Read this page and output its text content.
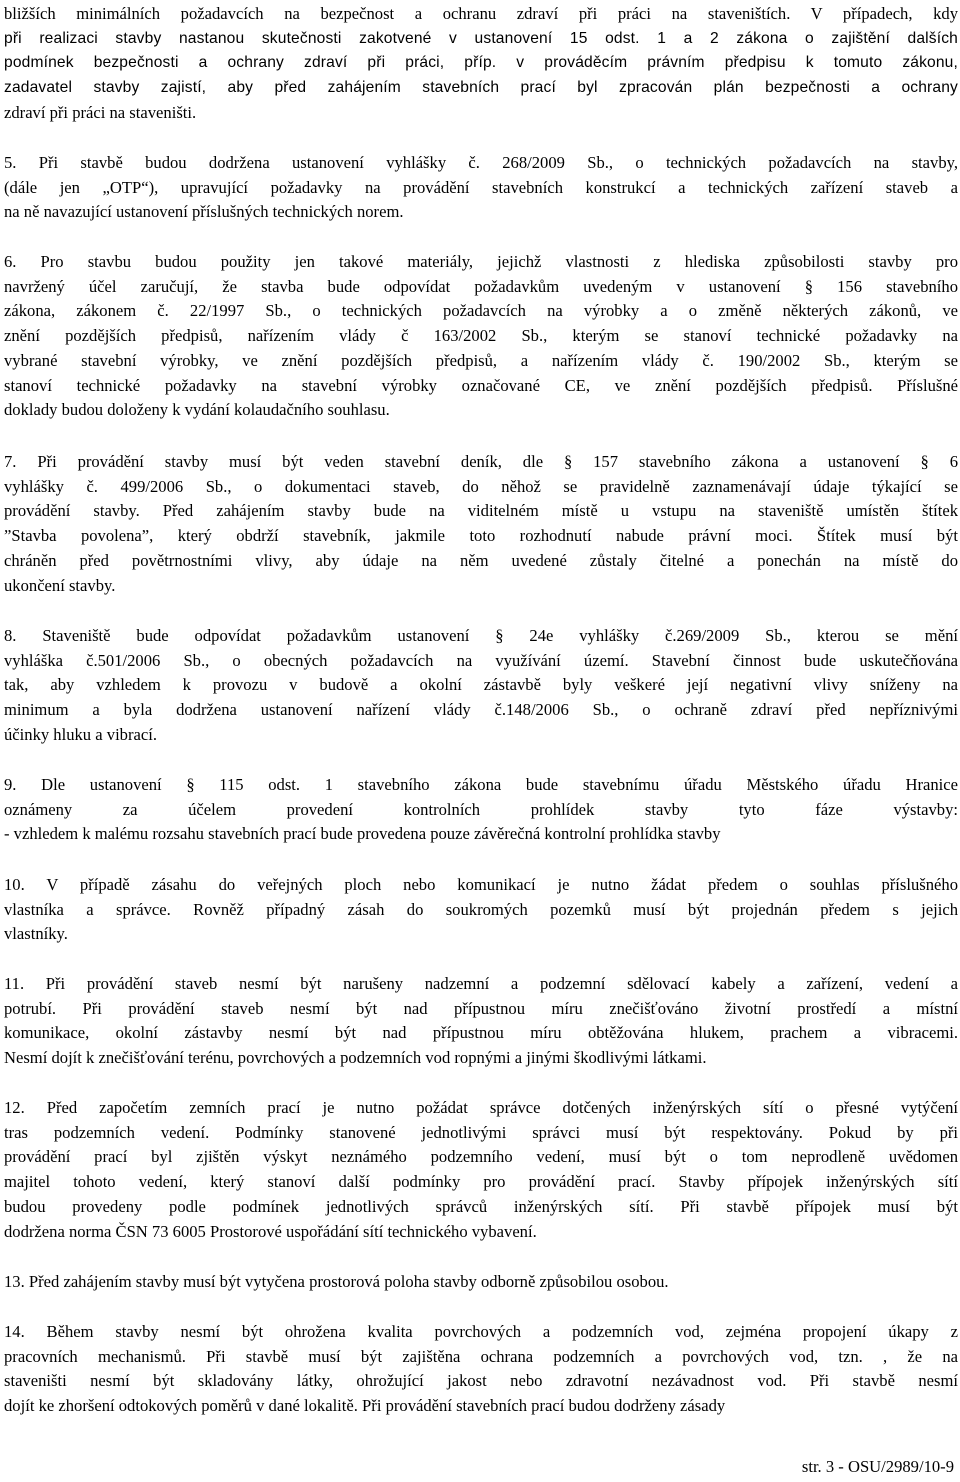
bližších minimálních požadavcích na bezpečnost a ochranu zdraví při práci na staveništích. V případech, kdy
při realizaci stavby nastanou skutečnosti zakotvené v ustanovení 15 odst. 1 a 2 zákona o zajištění dalších
podmínek bezpečnosti a ochrany zdraví při práci, příp. v prováděcím právním předpisu k tomuto zákonu,
zadavatel stavby zajistí, aby před zahájením stavebních prací byl zpracován plán bezpečnosti a ochrany
zdraví při práci na staveništi.
5. Při stavbě budou dodržena ustanovení vyhlášky č. 268/2009 Sb., o technických požadavcích na stavby,
(dále jen „OTP“), upravující požadavky na provádění stavebních konstrukcí a technických zařízení staveb a
na ně navazující ustanovení příslušných technických norem.
6. Pro stavbu budou použity jen takové materiály, jejichž vlastnosti z hlediska způsobilosti stavby pro
navržený účel zaručují, že stavba bude odpovídat požadavkům uvedeným v ustanovení § 156 stavebního
zákona, zákonem č. 22/1997 Sb., o technických požadavcích na výrobky a o změně některých zákonů, ve
znění pozdějších předpisů, nařízením vlády č 163/2002 Sb., kterým se stanoví technické požadavky na
vybrané stavební výrobky, ve znění pozdějších předpisů, a nařízením vlády č. 190/2002 Sb., kterým se
stanoví technické požadavky na stavební výrobky označované CE, ve znění pozdějších předpisů. Příslušné
doklady budou doloženy k vydání kolaudačního souhlasu.
7. Při provádění stavby musí být veden stavební deník, dle § 157 stavebního zákona a ustanovení § 6
vyhlášky č. 499/2006 Sb., o dokumentaci staveb, do něhož se pravidelně zaznamenávají údaje týkající se
provádění stavby. Před zahájením stavby bude na viditelném místě u vstupu na staveniště umístěn štítek
”Stavba povolena”, který obdrží stavebník, jakmile toto rozhodnutí nabude právní moci. Štítek musí být
chráněn před povětrnostními vlivy, aby údaje na něm uvedené zůstaly čitelné a ponechán na místě do
ukončení stavby.
8. Staveniště bude odpovídat požadavkům ustanovení § 24e vyhlášky č.269/2009 Sb., kterou se mění
vyhláška č.501/2006 Sb., o obecných požadavcích na využívání území. Stavební činnost bude uskutečňována
tak, aby vzhledem k provozu v budově a okolní zástavbě byly veškeré její negativní vlivy sníženy na
minimum a byla dodržena ustanovení nařízení vlády č.148/2006 Sb., o ochraně zdraví před nepříznivými
účinky hluku a vibrací.
9. Dle ustanovení § 115 odst. 1 stavebního zákona bude stavebnímu úřadu Městského úřadu Hranice
oznámeny za účelem provedení kontrolních prohlídek stavby tyto fáze výstavby:
- vzhledem k malému rozsahu stavebních prací bude provedena pouze závěrečná kontrolní prohlídka stavby
10. V případě zásahu do veřejných ploch nebo komunikací je nutno žádat předem o souhlas příslušného
vlastníka a správce. Rovněž případný zásah do soukromých pozemků musí být projednán předem s jejich
vlastníky.
11. Při provádění staveb nesmí být narušeny nadzemní a podzemní sdělovací kabely a zařízení, vedení a
potrubí. Při provádění staveb nesmí být nad přípustnou míru znečišťováno životní prostředí a místní
komunikace, okolní zástavby nesmí být nad přípustnou míru obtěžována hlukem, prachem a vibracemi.
Nesmí dojít k znečišťování terénu, povrchových a podzemních vod ropnými a jinými škodlivými látkami.
12. Před započetím zemních prací je nutno požádat správce dotčených inženýrských sítí o přesné vytýčení
tras podzemních vedení. Podmínky stanovené jednotlivými správci musí být respektovány. Pokud by při
provádění prací byl zjištěn výskyt neznámého podzemního vedení, musí být o tom neprodleně uvědomen
majitel tohoto vedení, který stanoví další podmínky pro provádění prací. Stavby přípojek inženýrských sítí
budou provedeny podle podmínek jednotlivých správců inženýrských sítí. Při stavbě přípojek musí být
dodržena norma ČSN 73 6005 Prostorové uspořádání sítí technického vybavení.
13. Před zahájením stavby musí být vytyčena prostorová poloha stavby odborně způsobilou osobou.
14. Během stavby nesmí být ohrožena kvalita povrchových a podzemních vod, zejména propojení úkapy z
pracovních mechanismů. Při stavbě musí být zajištěna ochrana podzemních a povrchových vod, tzn. , že na
staveništi nesmí být skladovány látky, ohrožující jakost nebo zdravotní nezávadnost vod. Při stavbě nesmí
dojít ke zhoršení odtokových poměrů v dané lokalitě. Při provádění stavebních prací budou dodrženy zásady
str. 3 - OSU/2989/10-9
